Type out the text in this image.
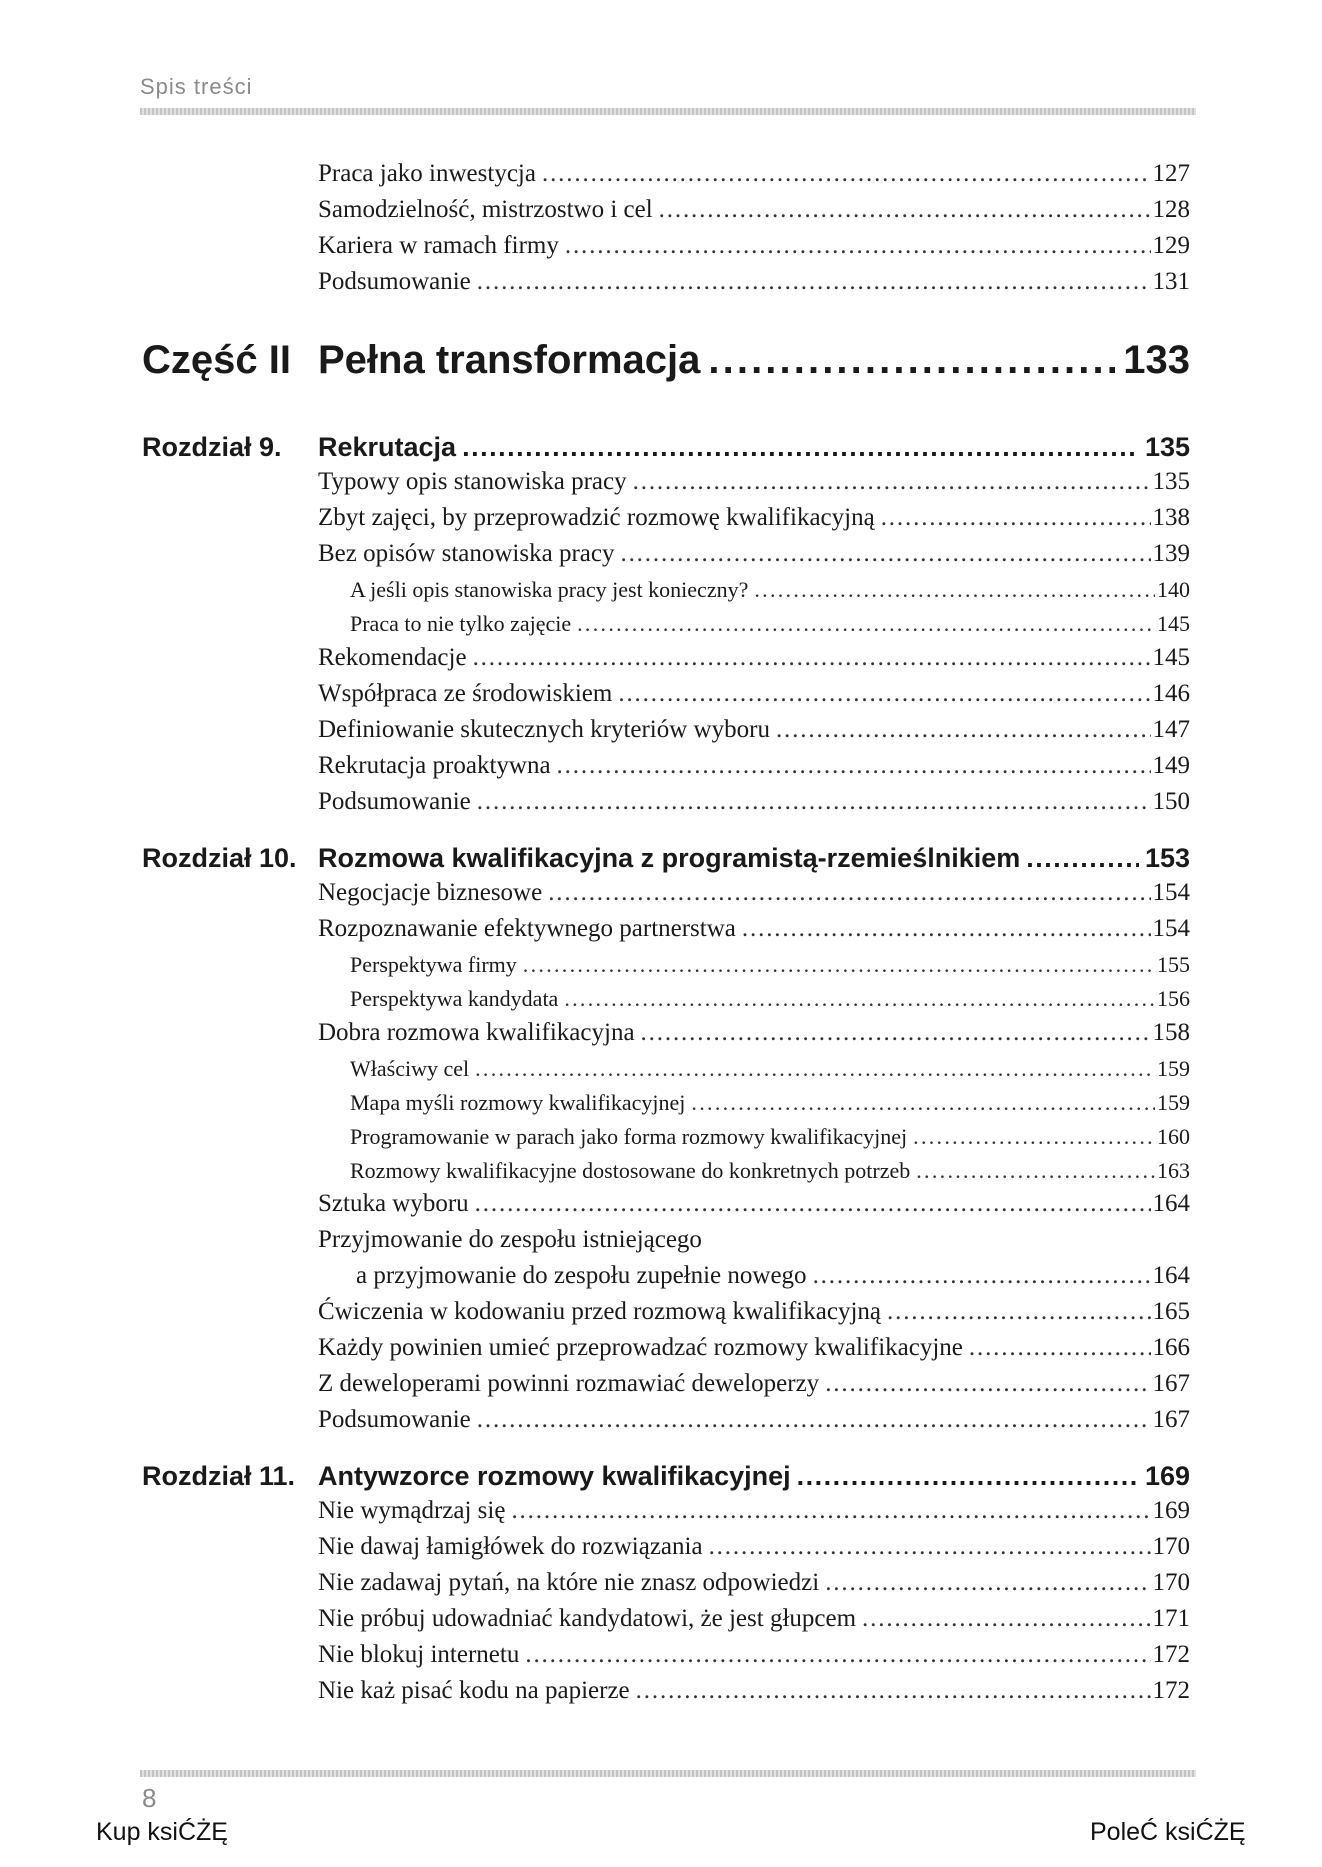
Spis treści
Praca jako inwestycja . . .	127
Samodzielność, mistrzostwo i cel . . .	128
Kariera w ramach firmy . . .	129
Podsumowanie . . .	131
Część II Pełna transformacja . . .	133
Rozdział 9.	Rekrutacja . . .	135
Typowy opis stanowiska pracy . . .	135
Zbyt zajęci, by przeprowadzić rozmowę kwalifikacyjną . . .	138
Bez opisów stanowiska pracy . . .	139
A jeśli opis stanowiska pracy jest konieczny? . . .	140
Praca to nie tylko zajęcie . . .	145
Rekomendacje . . .	145
Współpraca ze środowiskiem . . .	146
Definiowanie skutecznych kryteriów wyboru . . .	147
Rekrutacja proaktywna . . .	149
Podsumowanie . . .	150
Rozdział 10. Rozmowa kwalifikacyjna z programistą-rzemieślnikiem . . .	153
Negocjacje biznesowe . . .	154
Rozpoznawanie efektywnego partnerstwa . . .	154
Perspektywa firmy . . .	155
Perspektywa kandydata . . .	156
Dobra rozmowa kwalifikacyjna . . .	158
Właściwy cel . . .	159
Mapa myśli rozmowy kwalifikacyjnej . . .	159
Programowanie w parach jako forma rozmowy kwalifikacyjnej . . .	160
Rozmowy kwalifikacyjne dostosowane do konkretnych potrzeb . . .	163
Sztuka wyboru . . .	164
Przyjmowanie do zespołu istniejącego
a przyjmowanie do zespołu zupełnie nowego . . .	164
Ćwiczenia w kodowaniu przed rozmową kwalifikacyjną . . .	165
Każdy powinien umieć przeprowadzać rozmowy kwalifikacyjne . . .	166
Z deweloperami powinni rozmawiać deweloperzy . . .	167
Podsumowanie . . .	167
Rozdział 11. Antywzorce rozmowy kwalifikacyjnej . . .	169
Nie wymądrzaj się . . .	169
Nie dawaj łamigłówek do rozwiązania . . .	170
Nie zadawaj pytań, na które nie znasz odpowiedzi . . .	170
Nie próbuj udowadniać kandydatowi, że jest głupcem . . .	171
Nie blokuj internetu . . .	172
Nie każ pisać kodu na papierze . . .	172
8
Kup ksiĆŻĘ	PoleĆ ksiĆŻĘ
